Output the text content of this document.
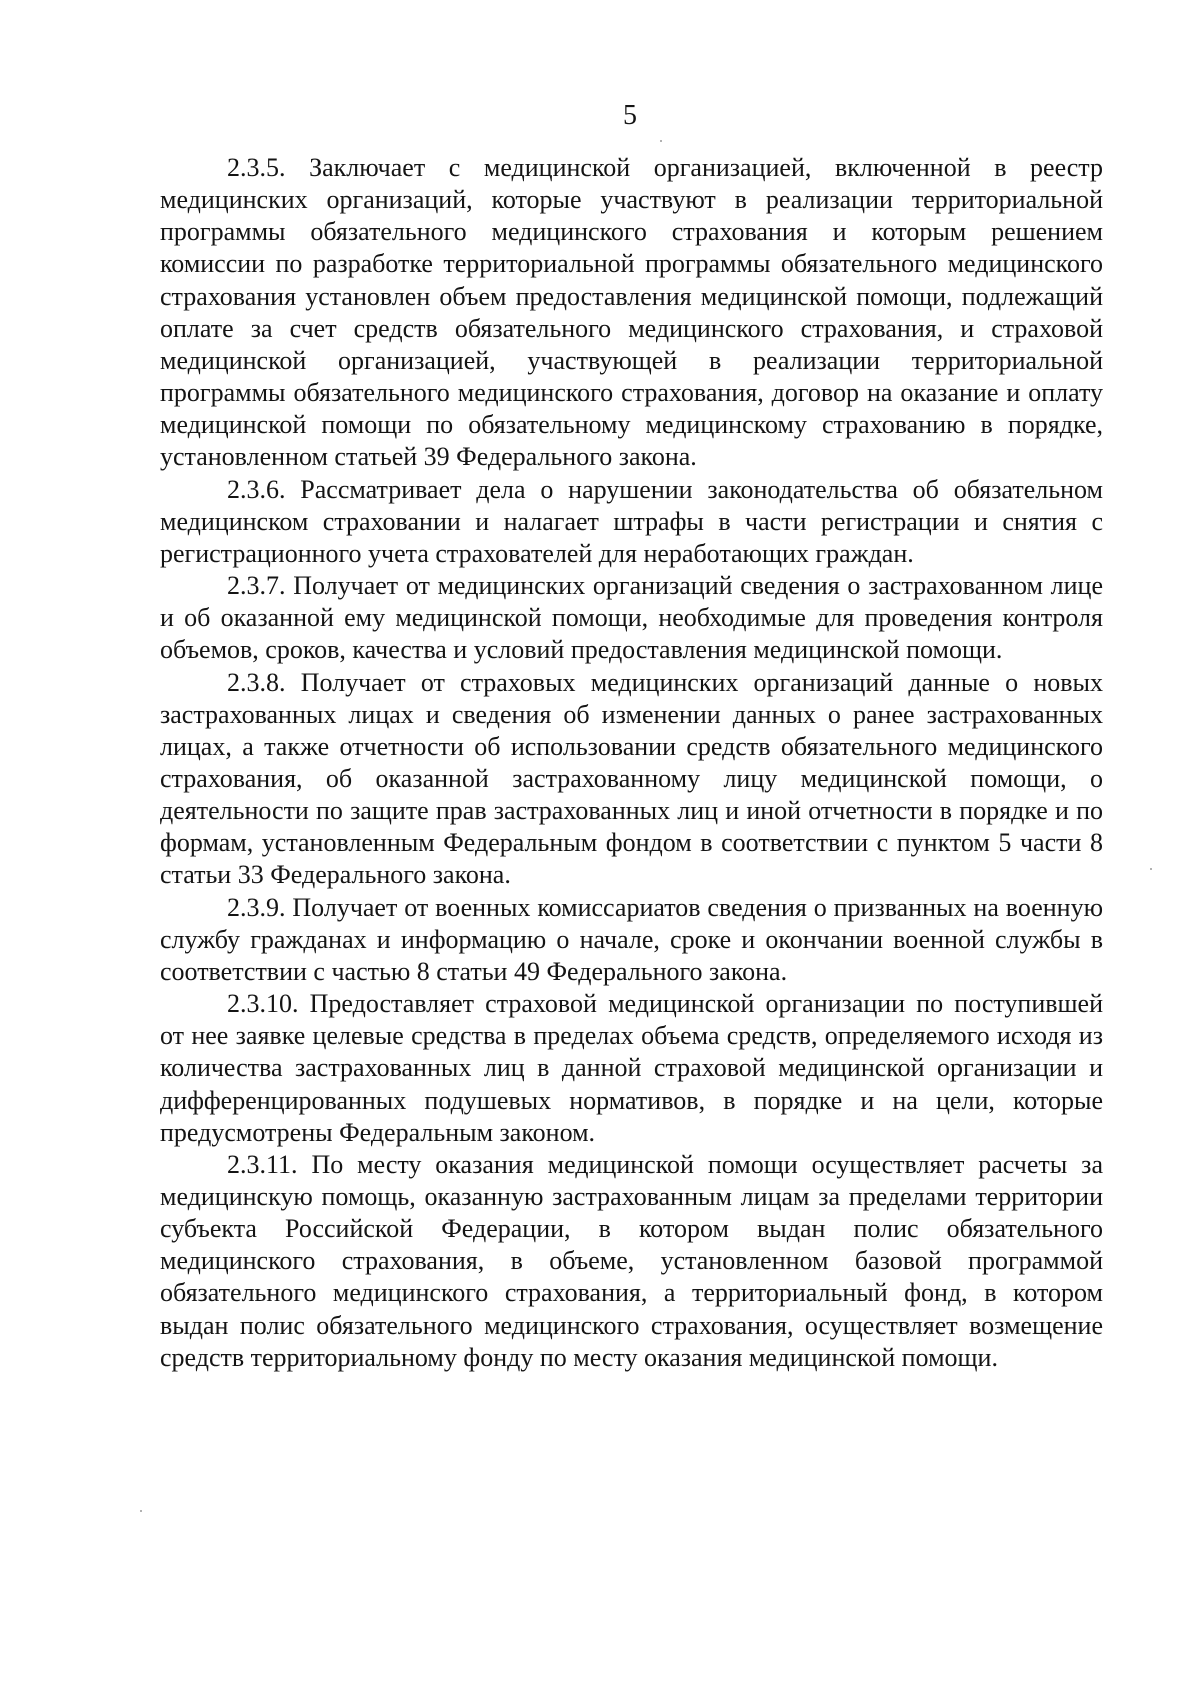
5

2.3.5. Заключает с медицинской организацией, включенной в реестр медицинских организаций, которые участвуют в реализации территориальной программы обязательного медицинского страхования и которым решением комиссии по разработке территориальной программы обязательного медицинского страхования установлен объем предоставления медицинской помощи, подлежащий оплате за счет средств обязательного медицинского страхования, и страховой медицинской организацией, участвующей в реализации территориальной программы обязательного медицинского страхования, договор на оказание и оплату медицинской помощи по обязательному медицинскому страхованию в порядке, установленном статьей 39 Федерального закона.

2.3.6. Рассматривает дела о нарушении законодательства об обязательном медицинском страховании и налагает штрафы в части регистрации и снятия с регистрационного учета страхователей для неработающих граждан.

2.3.7. Получает от медицинских организаций сведения о застрахованном лице и об оказанной ему медицинской помощи, необходимые для проведения контроля объемов, сроков, качества и условий предоставления медицинской помощи.

2.3.8. Получает от страховых медицинских организаций данные о новых застрахованных лицах и сведения об изменении данных о ранее застрахованных лицах, а также отчетности об использовании средств обязательного медицинского страхования, об оказанной застрахованному лицу медицинской помощи, о деятельности по защите прав застрахованных лиц и иной отчетности в порядке и по формам, установленным Федеральным фондом в соответствии с пунктом 5 части 8 статьи 33 Федерального закона.

2.3.9. Получает от военных комиссариатов сведения о призванных на военную службу гражданах и информацию о начале, сроке и окончании военной службы в соответствии с частью 8 статьи 49 Федерального закона.

2.3.10. Предоставляет страховой медицинской организации по поступившей от нее заявке целевые средства в пределах объема средств, определяемого исходя из количества застрахованных лиц в данной страховой медицинской организации и дифференцированных подушевых нормативов, в порядке и на цели, которые предусмотрены Федеральным законом.

2.3.11. По месту оказания медицинской помощи осуществляет расчеты за медицинскую помощь, оказанную застрахованным лицам за пределами территории субъекта Российской Федерации, в котором выдан полис обязательного медицинского страхования, в объеме, установленном базовой программой обязательного медицинского страхования, а территориальный фонд, в котором выдан полис обязательного медицинского страхования, осуществляет возмещение средств территориальному фонду по месту оказания медицинской помощи.
